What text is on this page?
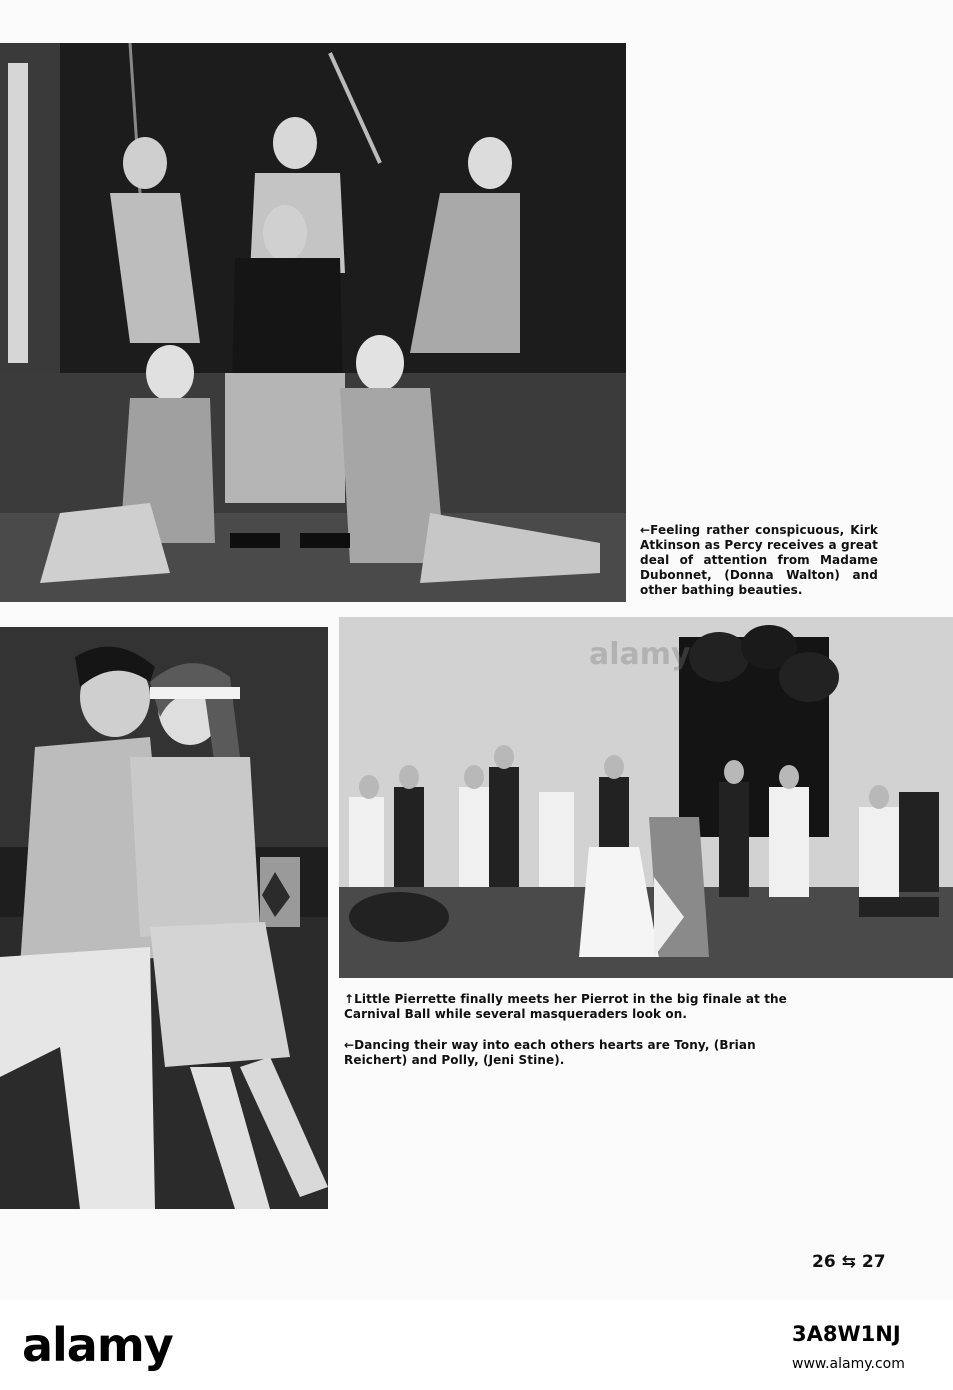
←Feeling rather conspicuous, Kirk Atkinson as Percy receives a great deal of attention from Madame Dubonnet, (Donna Walton) and other bathing beauties.

alamy

↑Little Pierrette finally meets her Pierrot in the big finale at the Carnival Ball while several masqueraders look on.

←Dancing their way into each others hearts are Tony, (Brian Reichert) and Polly, (Jeni Stine).

26 ⇆ 27
alamy	3A8W1NJ
www.alamy.com
